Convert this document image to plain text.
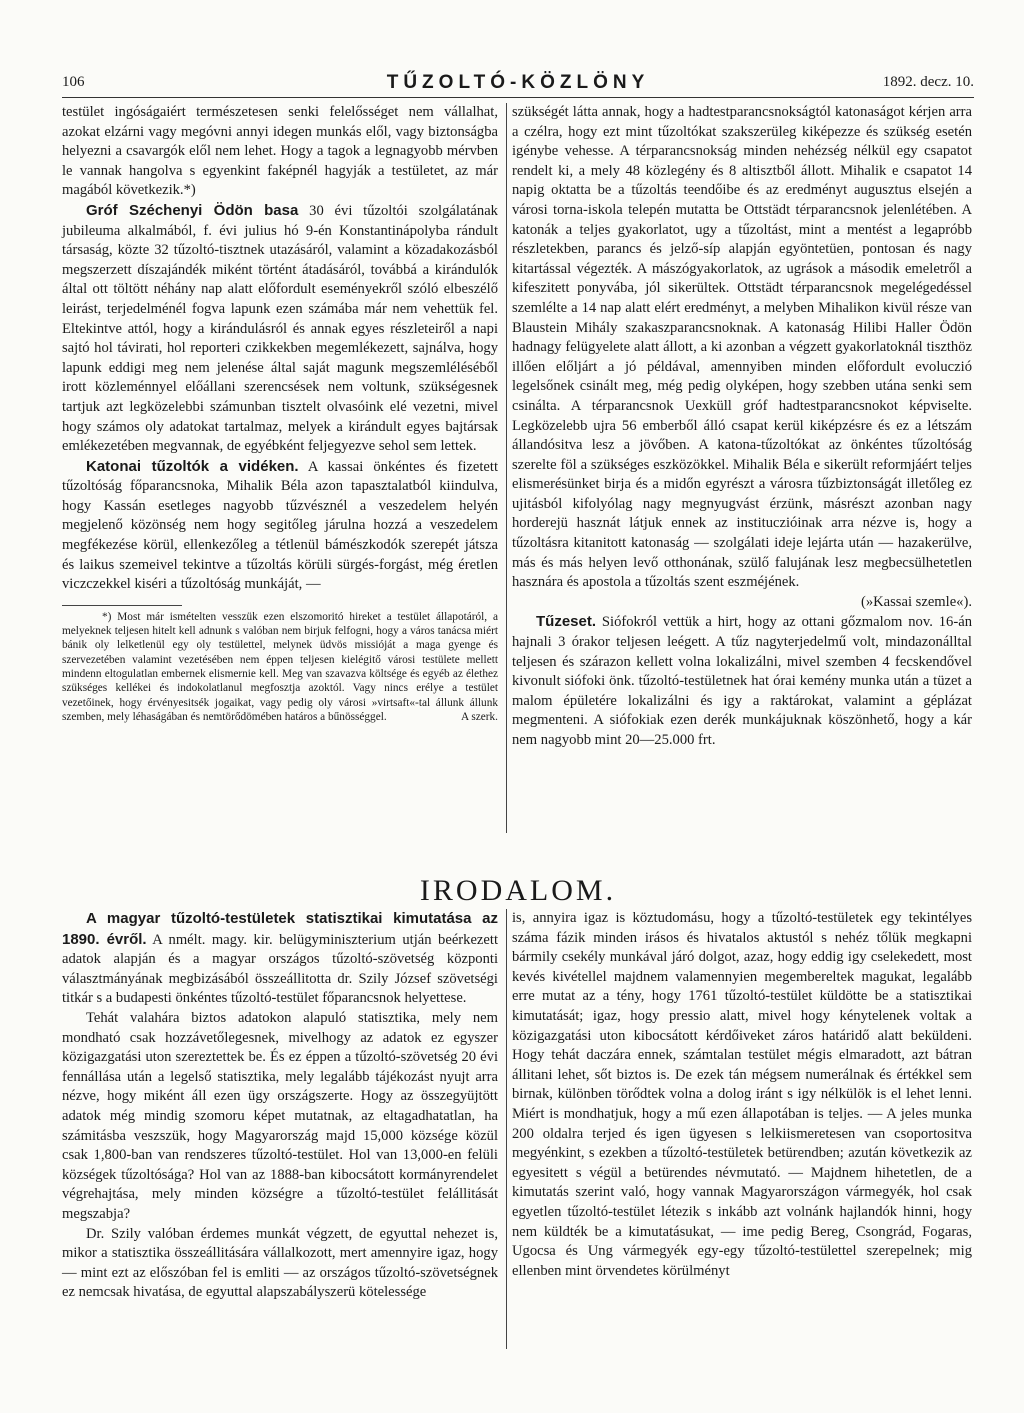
106	TŰZOLTÓ-KÖZLÖNY	1892. decz. 10.

testület ingóságaiért természetesen senki felelősséget nem vállalhat, azokat elzárni vagy megóvni annyi idegen munkás elől, vagy biztonságba helyezni a csavargók elől nem lehet. Hogy a tagok a legnagyobb mérvben le vannak hangolva s egyenkint faképnél hagyják a testületet, az már magából következik.*)

Gróf Széchenyi Ödön basa 30 évi tűzoltói szolgálatának jubileuma alkalmából, f. évi julius hó 9-én Konstantinápolyba rándult társaság, közte 32 tűzoltó-tisztnek utazásáról, valamint a közadakozásból megszerzett díszajándék miként történt átadásáról, továbbá a kirándulók által ott töltött néhány nap alatt előfordult eseményekről szóló elbeszélő leirást, terjedelménél fogva lapunk ezen számába már nem vehettük fel. Eltekintve attól, hogy a kirándulásról és annak egyes részleteiről a napi sajtó hol távirati, hol reporteri czikkekben megemlékezett, sajnálva, hogy lapunk eddigi meg nem jelenése által saját magunk megszemléléséből irott közleménnyel előállani szerencsések nem voltunk, szükségesnek tartjuk azt legközelebbi számunban tisztelt olvasóink elé vezetni, mivel hogy számos oly adatokat tartalmaz, melyek a kirándult egyes bajtársak emlékezetében megvannak, de egyébként feljegyezve sehol sem lettek.

Katonai tűzoltók a vidéken. A kassai önkéntes és fizetett tűzoltóság főparancsnoka, Mihalik Béla azon tapasztalatból kiindulva, hogy Kassán esetleges nagyobb tűzvésznél a veszedelem helyén megjelenő közönség nem hogy segitőleg járulna hozzá a veszedelem megfékezése körül, ellenkezőleg a tétlenül bámészkodók szerepét játsza és laikus szemeivel tekintve a tűzoltás körüli sürgés-forgást, még éretlen viczczekkel kiséri a tűzoltóság munkáját, —

*) Most már ismételten vesszük ezen elszomoritó hireket a testület állapotáról, a melyeknek teljesen hitelt kell adnunk s valóban nem birjuk felfogni, hogy a város tanácsa miért bánik oly lelketlenül egy oly testülettel, melynek üdvös missióját a maga gyenge és szervezetében valamint vezetésében nem éppen teljesen kielégitő városi testülete mellett mindenn eltogulatlan embernek elismernie kell. Meg van szavazva költsége és egyéb az élethez szükséges kellékei és indokolatlanul megfosztja azoktól. Vagy nincs erélye a testület vezetőinek, hogy érvényesitsék jogaikat, vagy pedig oly városi »virtsaft«-tal állunk állunk szemben, mely léhaságában és nemtörődömében határos a bűnösséggel.	A szerk.

szükségét látta annak, hogy a hadtestparancsnokságtól katonaságot kérjen arra a czélra, hogy ezt mint tűzoltókat szakszerüleg kiképezze és szükség esetén igénybe vehesse. A térparancsnokság minden nehézség nélkül egy csapatot rendelt ki, a mely 48 közlegény és 8 altisztből állott. Mihalik e csapatot 14 napig oktatta be a tűzoltás teendőibe és az eredményt augusztus elsején a városi torna-iskola telepén mutatta be Ottstädt térparancsnok jelenlétében. A katonák a teljes gyakorlatot, ugy a tűzoltást, mint a mentést a legapróbb részletekben, parancs és jelző-síp alapján egyöntetüen, pontosan és nagy kitartással végezték. A mászógyakorlatok, az ugrások a második emeletről a kifeszitett ponyvába, jól sikerültek. Ottstädt térparancsnok megelégedéssel szemlélte a 14 nap alatt elért eredményt, a melyben Mihalikon kivül része van Blaustein Mihály szakaszparancsnoknak. A katonaság Hilibi Haller Ödön hadnagy felügyelete alatt állott, a ki azonban a végzett gyakorlatoknál tiszthöz illően előljárt a jó példával, amennyiben minden előfordult evoluczió legelsőnek csinált meg, még pedig olyképen, hogy szebben utána senki sem csinálta. A térparancsnok Uexküll gróf hadtestparancsnokot képviselte. Legközelebb ujra 56 emberből álló csapat kerül kiképzésre és ez a létszám állandósitva lesz a jövőben. A katona-tűzoltókat az önkéntes tűzoltóság szerelte föl a szükséges eszközökkel. Mihalik Béla e sikerült reformjáért teljes elismerésünket birja és a midőn egyrészt a városra tűzbiztonságát illetőleg ez ujitásból kifolyólag nagy megnyugvást érzünk, másrészt azonban nagy horderejü hasznát látjuk ennek az instituczióinak arra nézve is, hogy a tűzoltásra kitanitott katonaság — szolgálati ideje lejárta után — hazakerülve, más és más helyen levő otthonának, szülő falujának lesz megbecsülhetetlen hasznára és apostola a tűzoltás szent eszméjének.

(»Kassai szemle«).

Tűzeset. Siófokról vettük a hirt, hogy az ottani gőzmalom nov. 16-án hajnali 3 órakor teljesen leégett. A tűz nagyterjedelmű volt, mindazonálltal teljesen és szárazon kellett volna lokalizálni, mivel szemben 4 fecskendővel kivonult siófoki önk. tűzoltó-testületnek hat órai kemény munka után a tüzet a malom épületére lokalizálni és igy a raktárokat, valamint a géplázat megmenteni. A siófokiak ezen derék munkájuknak köszönhető, hogy a kár nem nagyobb mint 20—25.000 frt.

IRODALOM.

A magyar tűzoltó-testületek statisztikai kimutatása az 1890. évről. A nmélt. magy. kir. belügyminiszterium utján beérkezett adatok alapján és a magyar országos tűzoltó-szövetség központi választmányának megbizásából összeállitotta dr. Szily József szövetségi titkár s a budapesti önkéntes tűzoltó-testület főparancsnok helyettese.

Tehát valahára biztos adatokon alapuló statisztika, mely nem mondható csak hozzávetőlegesnek, mivelhogy az adatok ez egyszer közigazgatási uton szereztettek be. És ez éppen a tűzoltó-szövetség 20 évi fennállása után a legelső statisztika, mely legalább tájékozást nyujt arra nézve, hogy miként áll ezen ügy országszerte. Hogy az összegyüjtött adatok még mindig szomoru képet mutatnak, az eltagadhatatlan, ha számitásba veszszük, hogy Magyarország majd 15,000 községe közül csak 1,800-ban van rendszeres tűzoltó-testület. Hol van 13,000-en felüli községek tűzoltósága? Hol van az 1888-ban kibocsátott kormányrendelet végrehajtása, mely minden községre a tűzoltó-testület felállitását megszabja?

Dr. Szily valóban érdemes munkát végzett, de egyuttal nehezet is, mikor a statisztika összeállitására vállalkozott, mert amennyire igaz, hogy — mint ezt az előszóban fel is emliti — az országos tűzoltó-szövetségnek ez nemcsak hivatása, de egyuttal alapszabályszerü kötelessége

is, annyira igaz is köztudomásu, hogy a tűzoltó-testületek egy tekintélyes száma fázik minden irásos és hivatalos aktustól s nehéz tőlük megkapni bármily csekély munkával járó dolgot, azaz, hogy eddig igy cselekedett, most kevés kivétellel majdnem valamennyien megembereltek magukat, legalább erre mutat az a tény, hogy 1761 tűzoltó-testület küldötte be a statisztikai kimutatását; igaz, hogy pressio alatt, mivel hogy kénytelenek voltak a közigazgatási uton kibocsátott kérdőiveket záros határidő alatt beküldeni. Hogy tehát daczára ennek, számtalan testület mégis elmaradott, azt bátran állitani lehet, sőt biztos is. De ezek tán mégsem numerálnak és értékkel sem birnak, különben törődtek volna a dolog iránt s igy nélkülök is el lehet lenni. Miért is mondhatjuk, hogy a mű ezen állapotában is teljes. — A jeles munka 200 oldalra terjed és igen ügyesen s lelkiismeretesen van csoportositva megyénkint, s ezekben a tűzoltó-testületek betürendben; azután következik az egyesitett s végül a betürendes névmutató. — Majdnem hihetetlen, de a kimutatás szerint való, hogy vannak Magyarországon vármegyék, hol csak egyetlen tűzoltó-testület létezik s inkább azt volnánk hajlandók hinni, hogy nem küldték be a kimutatásukat, — ime pedig Bereg, Csongrád, Fogaras, Ugocsa és Ung vármegyék egy-egy tűzoltó-testülettel szerepelnek; mig ellenben mint örvendetes körülményt
